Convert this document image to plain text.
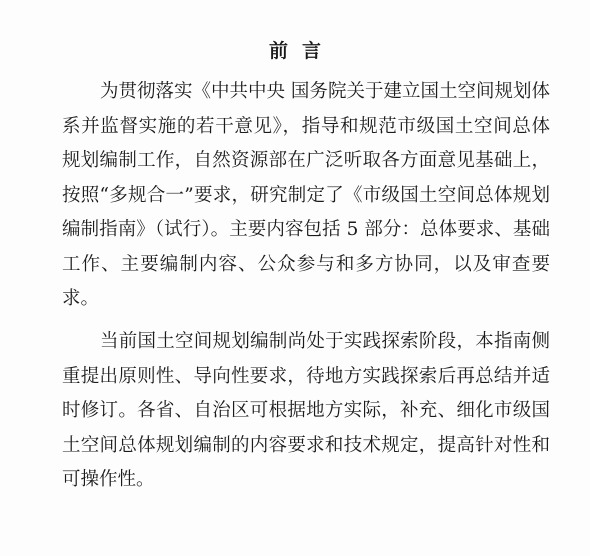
前言

为贯彻落实《中共中央 国务院关于建立国土空间规划体系并监督实施的若干意见》，指导和规范市级国土空间总体规划编制工作，自然资源部在广泛听取各方面意见基础上，按照“多规合一”要求，研究制定了《市级国土空间总体规划编制指南》（试行）。主要内容包括 5 部分：总体要求、基础工作、主要编制内容、公众参与和多方协同，以及审查要求。

当前国土空间规划编制尚处于实践探索阶段，本指南侧重提出原则性、导向性要求，待地方实践探索后再总结并适时修订。各省、自治区可根据地方实际，补充、细化市级国土空间总体规划编制的内容要求和技术规定，提高针对性和可操作性。
